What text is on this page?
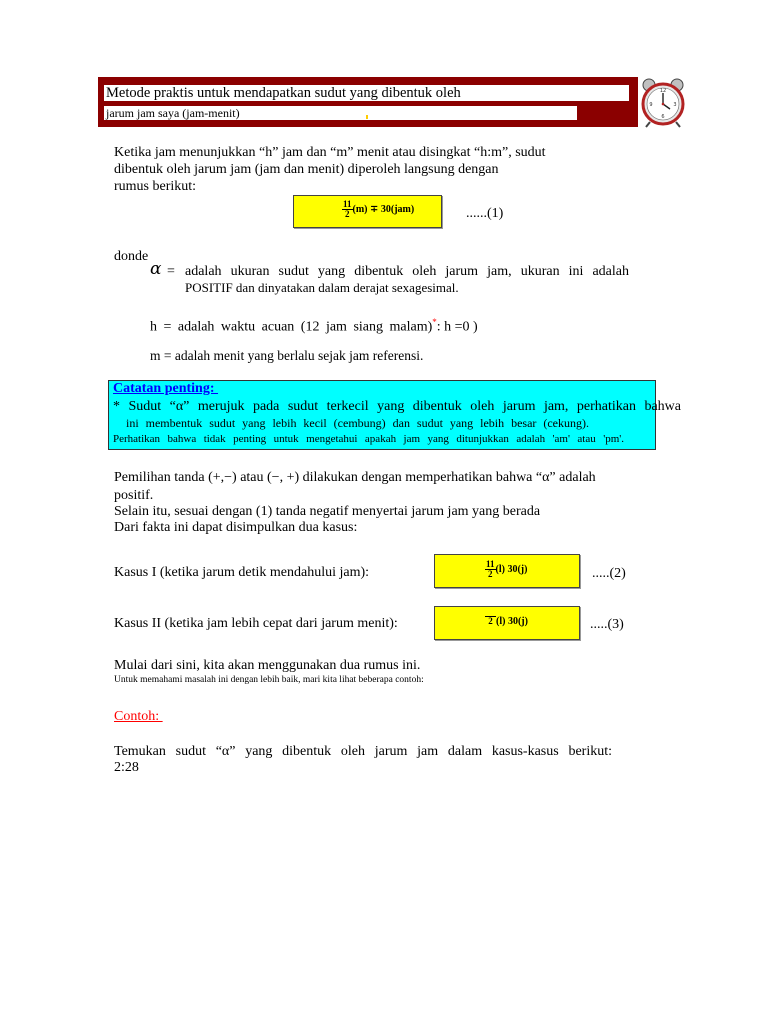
Metode praktis untuk mendapatkan sudut yang dibentuk oleh
jarum jam saya (jam-menit)
12
3
6
9
Ketika jam menunjukkan “h” jam dan “m” menit atau disingkat “h:m”, sudut
dibentuk oleh jarum jam (jam dan menit) diperoleh langsung dengan
rumus berikut:
$\frac{11}{2} (m) \mp 30(jam)$	......(1)
donde
α = adalah ukuran sudut yang dibentuk oleh jarum jam, ukuran ini adalah
POSITIF dan dinyatakan dalam derajat sexagesimal.
h = adalah waktu acuan (12 jam siang malam)*: h =0 )
m = adalah menit yang berlalu sejak jam referensi.
Catatan penting:
* Sudut “α” merujuk pada sudut terkecil yang dibentuk oleh jarum jam, perhatikan bahwa
ini membentuk sudut yang lebih kecil (cembung) dan sudut yang lebih besar (cekung).
Perhatikan bahwa tidak penting untuk mengetahui apakah jam yang ditunjukkan adalah 'am' atau 'pm'.
Pemilihan tanda (+,−) atau (−, +) dilakukan dengan memperhatikan bahwa “α” adalah
positif.
Selain itu, sesuai dengan (1) tanda negatif menyertai jarum jam yang berada
Dari fakta ini dapat disimpulkan dua kasus:
Kasus I (ketika jarum detik mendahului jam):	$\frac{11}{2} (l)$ 30(j)	.....(2)
Kasus II (ketika jam lebih cepat dari jarum menit):	2 (l) 30(j)	.....(3)
Mulai dari sini, kita akan menggunakan dua rumus ini.
Untuk memahami masalah ini dengan lebih baik, mari kita lihat beberapa contoh:
Contoh:
Temukan sudut “α” yang dibentuk oleh jarum jam dalam kasus-kasus berikut:
2:28
